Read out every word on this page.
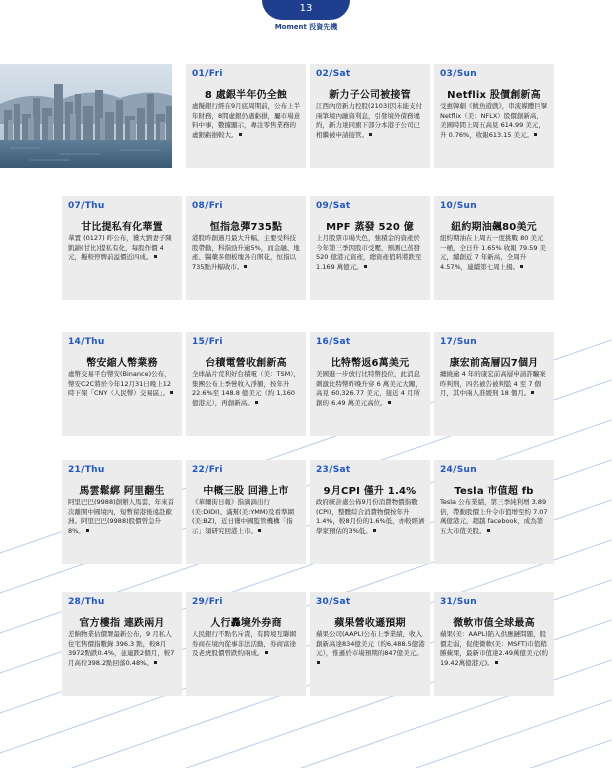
13
Moment 投資先機
01/Fri
8 處銀半年仍全蝕
虛擬銀行經在9月底周期前，公布上半年財務，8間虛銀仍處虧損，屬市場意料中事，數據顯示，專注零售業務的虛銀虧損較大。
02/Sat
新力子公司被接管
江西內房新力控股(2103)因未能支付兩筆境內融資利息，引發境外債務違約，新力達同旗下部分本港子公司已相繼被申請接管。
03/Sun
Netflix 股價創新高
受惠韓劇《魷魚遊戲》，串流媒體巨擘 Netflix（美：NFLX）股價創新高，美國時間上周五高見 614.99 美元，升 0.76%，收報613.15 美元。
07/Thu
甘比提私有化華置
華置 (0127) 昨公布，獲大劉妻子陳凱韻(甘比)提私有化，每股作價 4 元，擬較停牌前溢價近四成。
08/Fri
恒指急彈735點
港股昨創過月最大升幅，主要受科技股帶動，科指勁升逾5%，而金融、地產、醫藥多個板塊各自開花，恒指以735點升幅收市。
09/Sat
MPF 蒸發 520 億
上月股票市場失色，強積金的資產於今年第三季因股市受壓，預測已蒸發 520 億港元資產，總資產值料將跌至 1.169 萬億元。
10/Sun
紐約期油飆80美元
紐約期油在上周五一度挑戰 80 美元一桶，全日升 1.65% 收報 79.59 美元，續創近 7 年新高，全周升 4.57%，連續第七周上揚。
14/Thu
幣安縮人幣業務
虛幣交易平台幣安(Binance)公布，幣安C2C將於今年12月31日晚上12時下架「CNY（人民幣）交易區」。
15/Fri
台積電營收創新高
全球晶片荒利好台積電（美：TSM），集團公布上季營收入淨額，按年升 22.6%至 148.8 億美元（約 1,160 億港元），再創新高。
16/Sat
比特幣返6萬美元
美國進一步放行比特幣投位，此消息刺激比特幣昨晚升穿 6 萬美元大關，高見 60,326.77 美元，接近 4 月所創的 6.49 萬美元高位。
17/Sun
康宏前高層囚7個月
纏繞逾 4 年的康宏前高層申請詐騙案昨判刑，四名被告被判監 4 至 7 個月，其中兩人准緩刑 18 個月。
21/Thu
馬雲鬆綁 阿里翻生
阿里巴巴(9988)創辦人馬雲，年來首次離開中國境內，短暫留港後遠赴歐洲。阿里巴巴(9988)股價曾急升 8%。
22/Fri
中概三股 回港上市
《華爾街日報》指滴滴出行(美:DIDI)、滿幫(美:YMM)及看準網(美:BZ)，近日獲中國監管機構「指示」須研究回港上市。
23/Sat
9月CPI 僅升 1.4%
政府統計處公佈9月份消費物價指數(CPI)，整體綜合消費物價按年升1.4%，較8月份的1.6%低，亦較經濟學家預估的3%低。
24/Sun
Tesla 市值超 fb
Tesla 公布業績，第三季純利增 3.89 倍，帶動股價上升令市值增至約 7.07 萬億港元，超越 facebook，成為第五大市值美股。
28/Thu
官方樓指 連跌兩月
差餉物業估價署最新公布，9 月私人住宅售價指數錄 396.3 點，較8月3972點跌0.4%，並連跌2個月，較7月高位398.2點回落0.48%。
29/Fri
人行轟境外券商
人民銀行不點名斥責，有跨境互聯網券商在境內從事非法活動，券商富途及老虎股價曾跌約兩成。
30/Sat
蘋果營收遜預期
蘋果公司(AAPL)公布上季業績，收入創新高達834億美元（約6,488.5億港元），惟遜於市場預期的847億美元。
31/Sun
微軟市值全球最高
蘋果(美：AAPL)陷入供應鏈問題，股價走弱，促使微軟(美：MSFT)市值稍勝蘋果，最新市值達2.49萬億美元(約19.42萬億港元)。
